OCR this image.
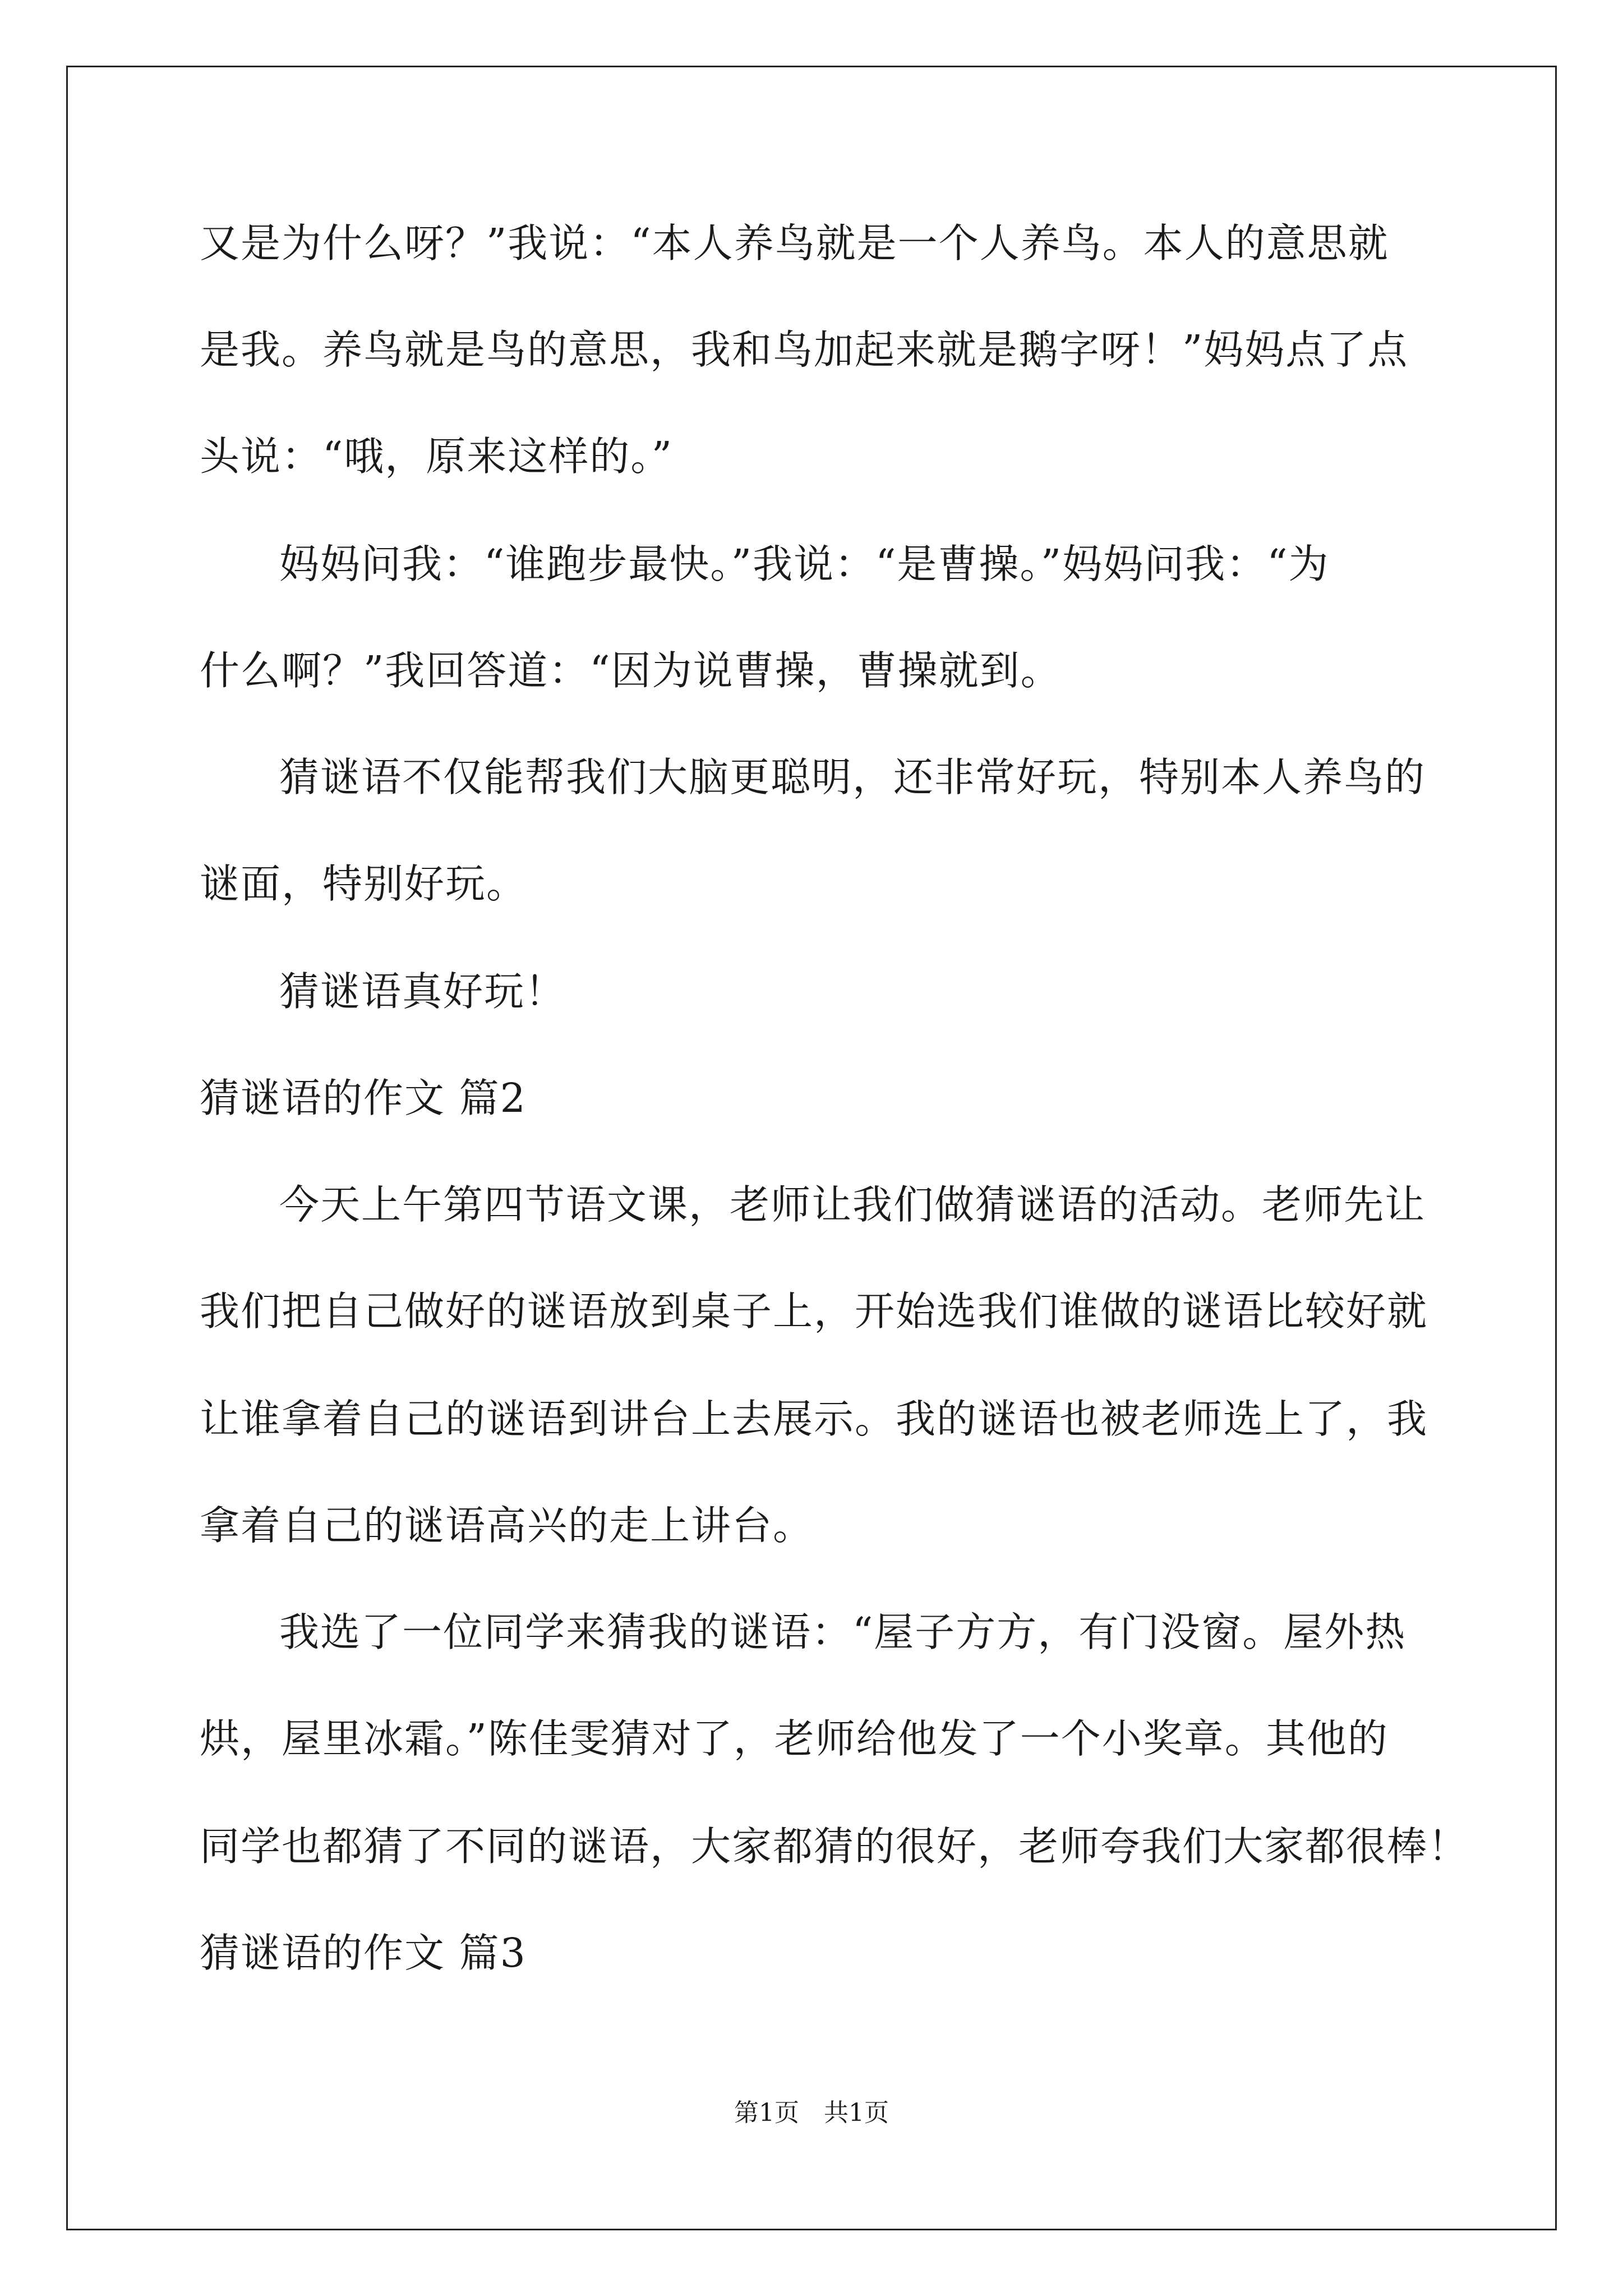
又是为什么呀？”我说：“本人养鸟就是一个人养鸟。本人的意思就
是我。养鸟就是鸟的意思，我和鸟加起来就是鹅字呀！”妈妈点了点
头说：“哦，原来这样的。”
妈妈问我：“谁跑步最快。”我说：“是曹操。”妈妈问我：“为
什么啊？”我回答道：“因为说曹操，曹操就到。
猜谜语不仅能帮我们大脑更聪明，还非常好玩，特别本人养鸟的
谜面，特别好玩。
猜谜语真好玩！
猜谜语的作文 篇2
今天上午第四节语文课，老师让我们做猜谜语的活动。老师先让
我们把自己做好的谜语放到桌子上，开始选我们谁做的谜语比较好就
让谁拿着自己的谜语到讲台上去展示。我的谜语也被老师选上了，我
拿着自己的谜语高兴的走上讲台。
我选了一位同学来猜我的谜语：“屋子方方，有门没窗。屋外热
烘，屋里冰霜。”陈佳雯猜对了，老师给他发了一个小奖章。其他的
同学也都猜了不同的谜语，大家都猜的很好，老师夸我们大家都很棒！
猜谜语的作文 篇3
第1页　共1页
